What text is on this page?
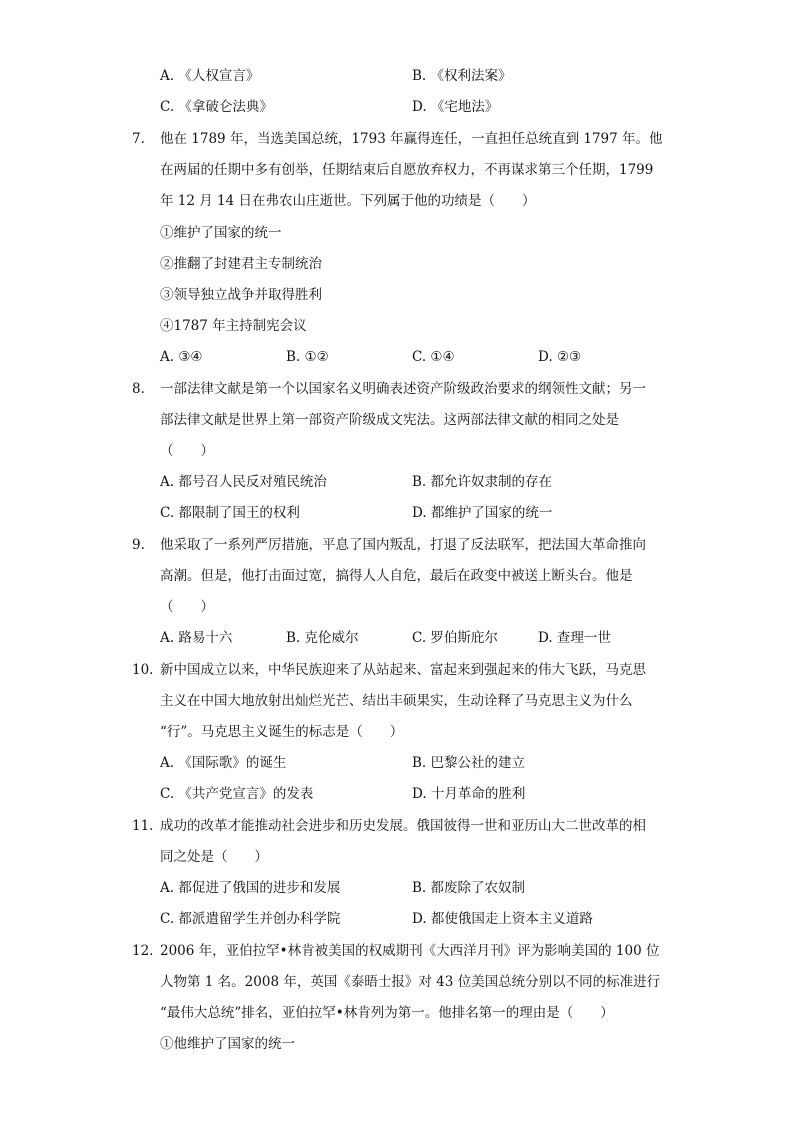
A. 《人权宣言》	B. 《权利法案》
C. 《拿破仑法典》	D. 《宅地法》
7. 他在 1789 年，当选美国总统，1793 年赢得连任，一直担任总统直到 1797 年。他
在两届的任期中多有创举，任期结束后自愿放弃权力，不再谋求第三个任期，1799
年 12 月 14 日在弗农山庄逝世。下列属于他的功绩是（　　）
①维护了国家的统一
②推翻了封建君主专制统治
③领导独立战争并取得胜利
④1787 年主持制宪会议
A. ③④	B. ①②	C. ①④	D. ②③
8. 一部法律文献是第一个以国家名义明确表述资产阶级政治要求的纲领性文献；另一
部法律文献是世界上第一部资产阶级成文宪法。这两部法律文献的相同之处是
（　　）
A. 都号召人民反对殖民统治	B. 都允许奴隶制的存在
C. 都限制了国王的权利	D. 都维护了国家的统一
9. 他采取了一系列严厉措施，平息了国内叛乱，打退了反法联军，把法国大革命推向
高潮。但是，他打击面过宽，搞得人人自危，最后在政变中被送上断头台。他是
（　　）
A. 路易十六	B. 克伦威尔	C. 罗伯斯庇尔	D. 查理一世
10. 新中国成立以来，中华民族迎来了从站起来、富起来到强起来的伟大飞跃，马克思
主义在中国大地放射出灿烂光芒、结出丰硕果实，生动诠释了马克思主义为什么
“行”。马克思主义诞生的标志是（　　）
A. 《国际歌》的诞生	B. 巴黎公社的建立
C. 《共产党宣言》的发表	D. 十月革命的胜利
11. 成功的改革才能推动社会进步和历史发展。俄国彼得一世和亚历山大二世改革的相
同之处是（　　）
A. 都促进了俄国的进步和发展	B. 都废除了农奴制
C. 都派遣留学生并创办科学院	D. 都使俄国走上资本主义道路
12. 2006 年，亚伯拉罕•林肯被美国的权威期刊《大西洋月刊》评为影响美国的 100 位
人物第 1 名。2008 年，英国《泰晤士报》对 43 位美国总统分别以不同的标准进行
“最伟大总统”排名，亚伯拉罕•林肯列为第一。他排名第一的理由是（　　）
①他维护了国家的统一
